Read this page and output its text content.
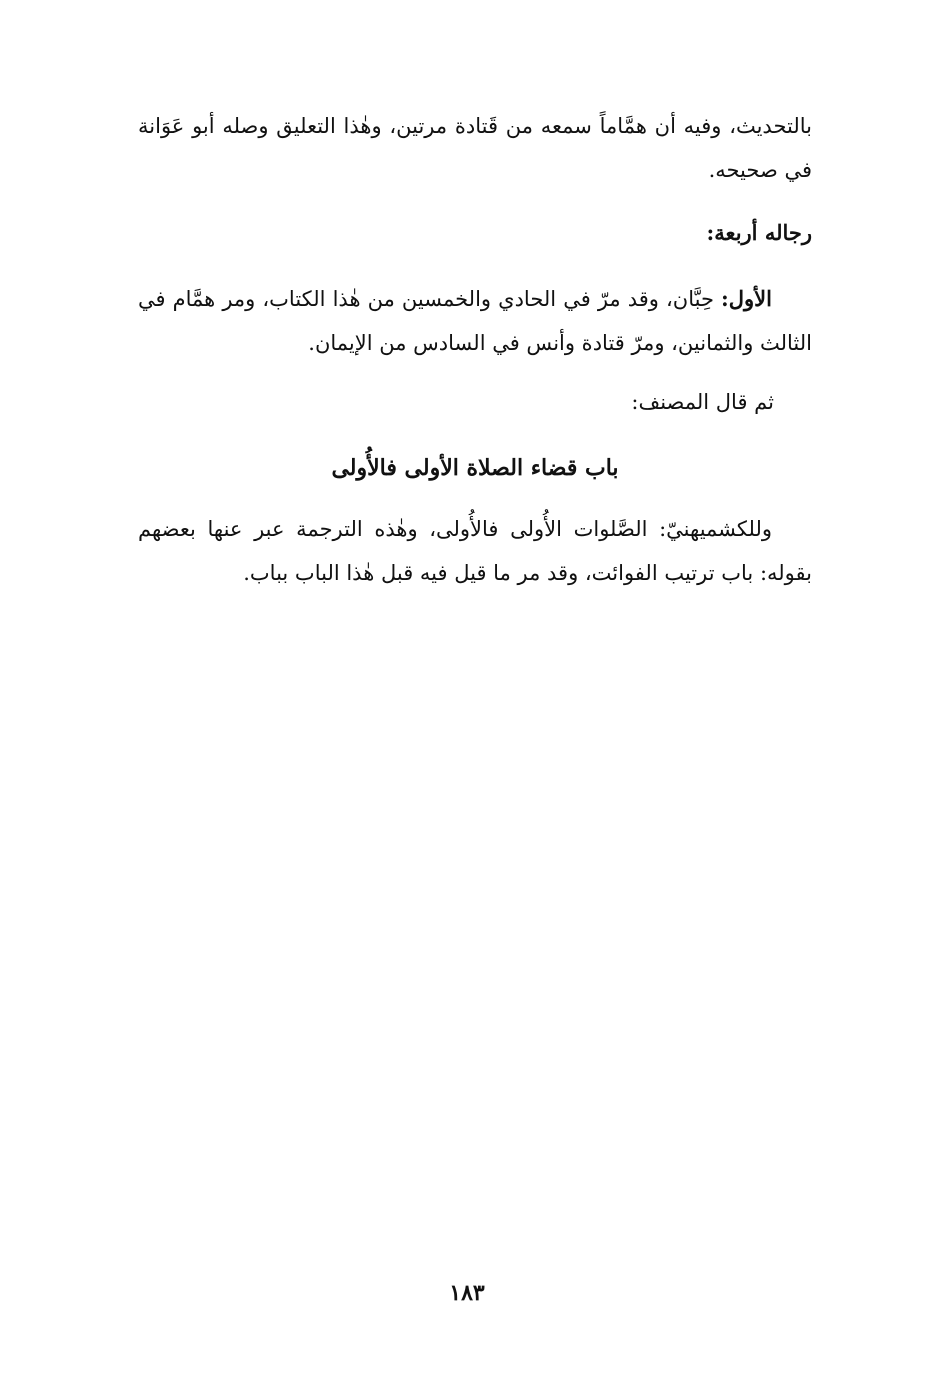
بالتحديث، وفيه أن همَّاماً سمعه من قَتادة مرتين، وهٰذا التعليق وصله أبو عَوَانة في صحيحه.

رجاله أربعة:

الأول: حِبَّان، وقد مرّ في الحادي والخمسين من هٰذا الكتاب، ومر همَّام في الثالث والثمانين، ومرّ قتادة وأنس في السادس من الإيمان.

ثم قال المصنف:
باب قضاء الصلاة الأولى فالأُولى

وللكشميهنيّ: الصَّلوات الأُولى فالأُولى، وهٰذه الترجمة عبر عنها بعضهم بقوله: باب ترتيب الفوائت، وقد مر ما قيل فيه قبل هٰذا الباب بباب.

١٨٣
